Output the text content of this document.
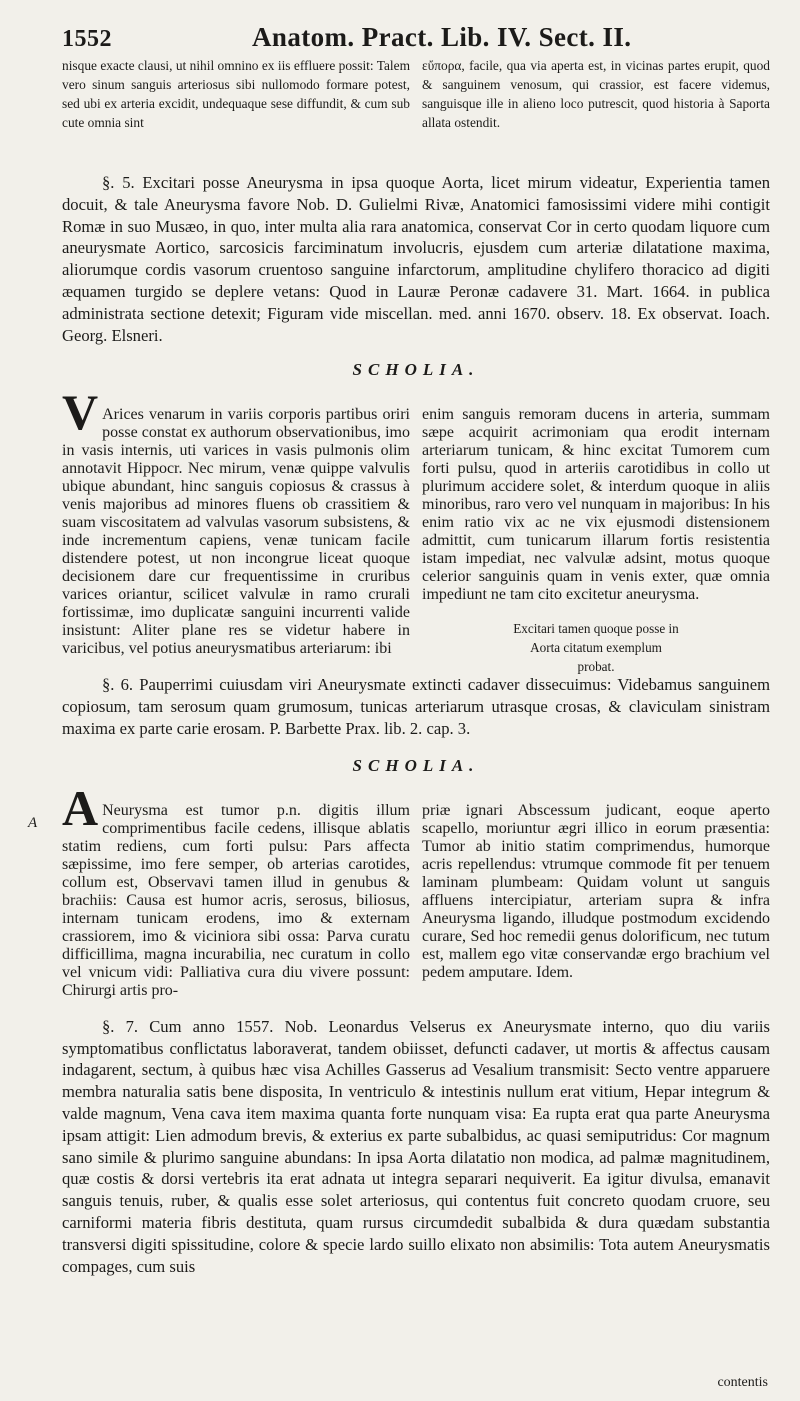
1552	Anatom. Pract. Lib. IV. Sect. II.

nisque exacte clausi, ut nihil omnino ex iis effluere possit: Talem vero sinum sanguis arteriosus sibi nullomodo formare potest, sed ubi ex arteria excidit, undequaque sese diffundit, & cum sub cute omnia sint

εὔπορα, facile, qua via aperta est, in vicinas partes erupit, quod & sanguinem venosum, qui crassior, est facere videmus, sanguisque ille in alieno loco putrescit, quod historia à Saporta allata ostendit.

§. 5. Excitari posse Aneurysma in ipsa quoque Aorta, licet mirum videatur, Experientia tamen docuit, & tale Aneurysma favore Nob. D. Gulielmi Rivæ, Anatomici famosissimi videre mihi contigit Romæ in suo Musæo, in quo, inter multa alia rara anatomica, conservat Cor in certo quodam liquore cum aneurysmate Aortico, sarcosicis farciminatum involucris, ejusdem cum arteriæ dilatatione maxima, aliorumque cordis vasorum cruentoso sanguine infarctorum, amplitudine chylifero thoracico ad digiti æquamen turgido se deplere vetans: Quod in Lauræ Peronæ cadavere 31. Mart. 1664. in publica administrata sectione detexit; Figuram vide miscellan. med. anni 1670. observ. 18. Ex observat. Ioach. Georg. Elsneri.

SCHOLIA.
V Arices venarum in variis corporis partibus oriri posse constat ex authorum observationibus, imo in vasis internis, uti varices in vasis pulmonis olim annotavit Hippocr. Nec mirum, venæ quippe valvulis ubique abundant, hinc sanguis copiosus & crassus à venis majoribus ad minores fluens ob crassitiem & suam viscositatem ad valvulas vasorum subsistens, & inde incrementum capiens, venæ tunicam facile distendere potest, ut non incongrue liceat quoque decisionem dare cur frequentissime in cruribus varices oriantur, scilicet valvulæ in ramo crurali fortissimæ, imo duplicatæ sanguini incurrenti valide insistunt: Aliter plane res se videtur habere in varicibus, vel potius aneurysmatibus arteriarum: ibi

enim sanguis remoram ducens in arteria, summam sæpe acquirit acrimoniam qua erodit internam arteriarum tunicam, & hinc excitat Tumorem cum forti pulsu, quod in arteriis carotidibus in collo ut plurimum accidere solet, & interdum quoque in aliis minoribus, raro vero vel nunquam in majoribus: In his enim ratio vix ac ne vix ejusmodi distensionem admittit, cum tunicarum illarum fortis resistentia istam impediat, nec valvulæ adsint, motus quoque celerior sanguinis quam in venis exter, quæ omnia impediunt ne tam cito excitetur aneurysma.

Excitari tamen quoque posse in
Aorta citatum exemplum
probat.

§. 6. Pauperrimi cuiusdam viri Aneurysmate extincti cadaver dissecuimus: Videbamus sanguinem copiosum, tam serosum quam grumosum, tunicas arteriarum utrasque crosas, & claviculam sinistram maxima ex parte carie erosam. P. Barbette Prax. lib. 2. cap. 3.

SCHOLIA.
A Neurysma est tumor p.n. digitis illum comprimentibus facile cedens, illisque ablatis statim rediens, cum forti pulsu: Pars affecta sæpissime, imo fere semper, ob arterias carotides, collum est, Observavi tamen illud in genubus & brachiis: Causa est humor acris, serosus, biliosus, internam tunicam erodens, imo & externam crassiorem, imo & viciniora sibi ossa: Parva curatu difficillima, magna incurabilia, nec curatum in collo vel vnicum vidi: Palliativa cura diu vivere possunt: Chirurgi artis pro-

priæ ignari Abscessum judicant, eoque aperto scapello, moriuntur ægri illico in eorum præsentia: Tumor ab initio statim comprimendus, humorque acris repellendus: vtrumque commode fit per tenuem laminam plumbeam: Quidam volunt ut sanguis affluens intercipiatur, arteriam supra & infra Aneurysma ligando, illudque postmodum excidendo curare, Sed hoc remedii genus dolorificum, nec tutum est, mallem ego vitæ conservandæ ergo brachium vel pedem amputare. Idem.

§. 7. Cum anno 1557. Nob. Leonardus Velserus ex Aneurysmate interno, quo diu variis symptomatibus conflictatus laboraverat, tandem obiisset, defuncti cadaver, ut mortis & affectus causam indagarent, sectum, à quibus hæc visa Achilles Gasserus ad Vesalium transmisit: Secto ventre apparuere membra naturalia satis bene disposita, In ventriculo & intestinis nullum erat vitium, Hepar integrum & valde magnum, Vena cava item maxima quanta forte nunquam visa: Ea rupta erat qua parte Aneurysma ipsam attigit: Lien admodum brevis, & exterius ex parte subalbidus, ac quasi semiputridus: Cor magnum sano simile & plurimo sanguine abundans: In ipsa Aorta dilatatio non modica, ad palmæ magnitudinem, quæ costis & dorsi vertebris ita erat adnata ut integra separari nequiverit. Ea igitur divulsa, emanavit sanguis tenuis, ruber, & qualis esse solet arteriosus, qui contentus fuit concreto quodam cruore, seu carniformi materia fibris destituta, quam rursus circumdedit subalbida & dura quædam substantia transversi digiti spissitudine, colore & specie lardo suillo elixato non absimilis: Tota autem Aneurysmatis compages, cum suis

A
contentis
